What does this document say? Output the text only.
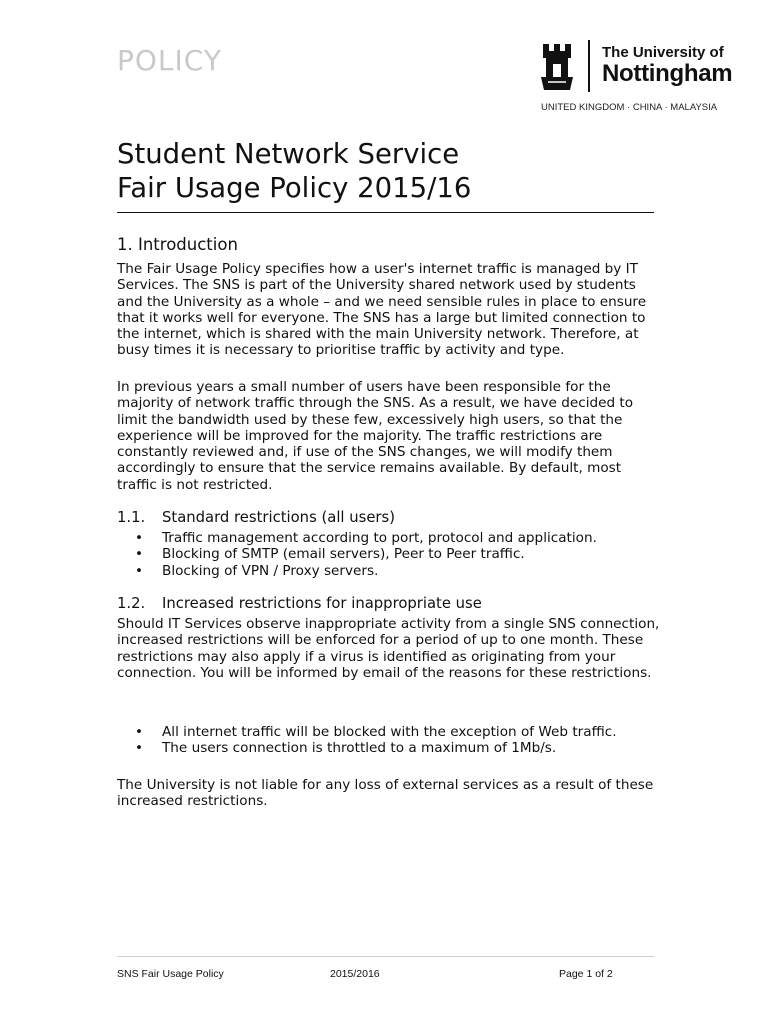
POLICY	The University of
Nottingham
UNITED KINGDOM · CHINA · MALAYSIA
Student Network Service
Fair Usage Policy 2015/16
1. Introduction
The Fair Usage Policy specifies how a user's internet traffic is managed by IT Services. The SNS is part of the University shared network used by students and the University as a whole – and we need sensible rules in place to ensure that it works well for everyone. The SNS has a large but limited connection to the internet, which is shared with the main University network. Therefore, at busy times it is necessary to prioritise traffic by activity and type.
In previous years a small number of users have been responsible for the majority of network traffic through the SNS. As a result, we have decided to limit the bandwidth used by these few, excessively high users, so that the experience will be improved for the majority. The traffic restrictions are constantly reviewed and, if use of the SNS changes, we will modify them accordingly to ensure that the service remains available. By default, most traffic is not restricted.
1.1. Standard restrictions (all users)
• Traffic management according to port, protocol and application.
• Blocking of SMTP (email servers), Peer to Peer traffic.
• Blocking of VPN / Proxy servers.
1.2. Increased restrictions for inappropriate use
Should IT Services observe inappropriate activity from a single SNS connection, increased restrictions will be enforced for a period of up to one month. These restrictions may also apply if a virus is identified as originating from your connection. You will be informed by email of the reasons for these restrictions.
• All internet traffic will be blocked with the exception of Web traffic.
• The users connection is throttled to a maximum of 1Mb/s.
The University is not liable for any loss of external services as a result of these increased restrictions.
SNS Fair Usage Policy	2015/2016	Page 1 of 2
